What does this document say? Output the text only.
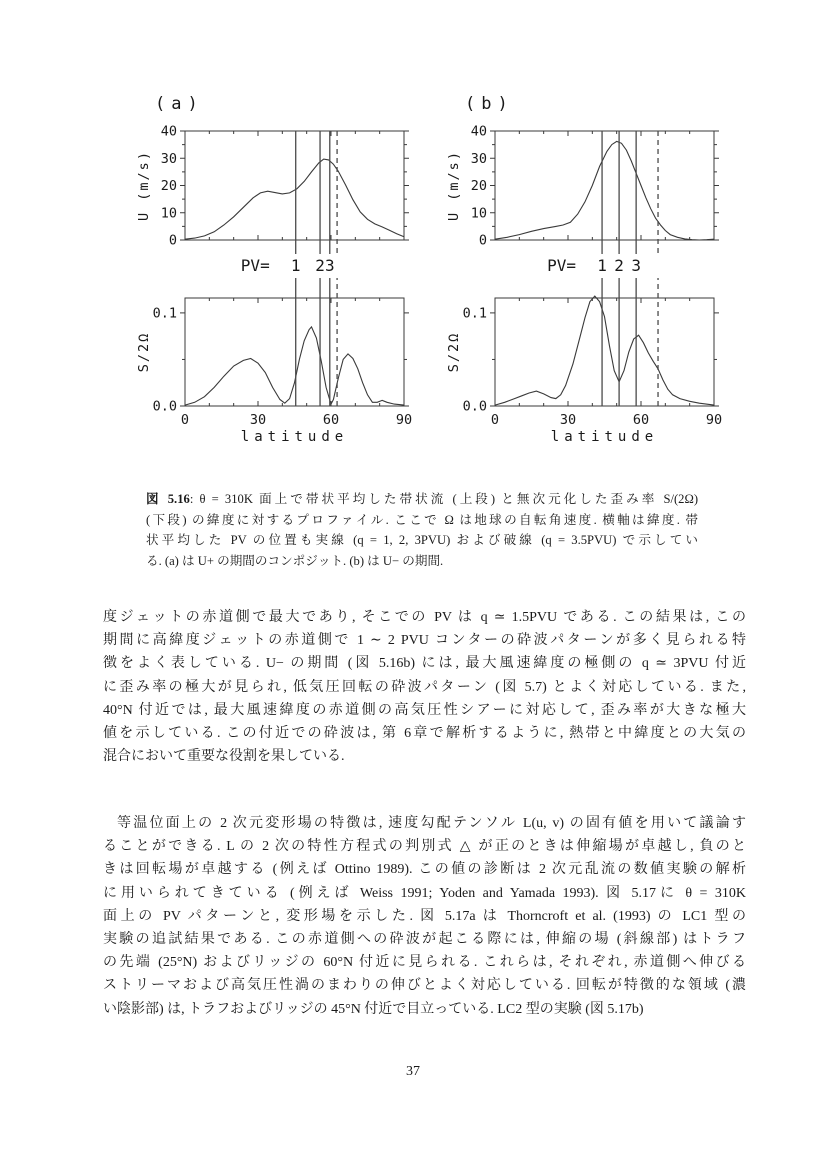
(a)
0
10
20
30
40
U (m/s)
0.0
0.1
S/2Ω
PV= 1 2 3
0	30	60	90
latitude
(b)
0
10
20
30
40
U (m/s)
0.0
0.1
S/2Ω
PV= 1 2 3
0	30	60	90
latitude
図 5.16: θ = 310K 面上で帯状平均した帯状流 (上段) と無次元化した歪み率 S/(2Ω)
(下段) の緯度に対するプロファイル. ここで Ω は地球の自転角速度. 横軸は緯度. 帯
状平均した PV の位置も実線 (q = 1, 2, 3PVU) および破線 (q = 3.5PVU) で示してい
る. (a) は U+ の期間のコンポジット. (b) は U− の期間.
度ジェットの赤道側で最大であり, そこでの PV は q ≃ 1.5PVU である. この結果は, この
期間に高緯度ジェットの赤道側で 1 ∼ 2 PVU コンターの砕波パターンが多く見られる特
徴をよく表している. U− の期間 (図 5.16b) には, 最大風速緯度の極側の q ≃ 3PVU 付近
に歪み率の極大が見られ, 低気圧回転の砕波パターン (図 5.7) とよく対応している. また,
40°N 付近では, 最大風速緯度の赤道側の高気圧性シアーに対応して, 歪み率が大きな極大
値を示している. この付近での砕波は, 第 6章で解析するように, 熱帯と中緯度との大気の
混合において重要な役割を果している.
等温位面上の 2 次元変形場の特徴は, 速度勾配テンソル L(u, v) の固有値を用いて議論す
ることができる. L の 2 次の特性方程式の判別式 △ が正のときは伸縮場が卓越し, 負のと
きは回転場が卓越する (例えば Ottino 1989). この値の診断は 2 次元乱流の数値実験の解析
に用いられてきている (例えば Weiss 1991; Yoden and Yamada 1993). 図 5.17に θ = 310K
面上の PV パターンと, 変形場を示した. 図 5.17a は Thorncroft et al. (1993) の LC1 型の
実験の追試結果である. この赤道側への砕波が起こる際には, 伸縮の場 (斜線部) はトラフ
の先端 (25°N) およびリッジの 60°N 付近に見られる. これらは, それぞれ, 赤道側へ伸びる
ストリーマおよび高気圧性渦のまわりの伸びとよく対応している. 回転が特徴的な領域 (濃
い陰影部) は, トラフおよびリッジの 45°N 付近で目立っている. LC2 型の実験 (図 5.17b)
37
